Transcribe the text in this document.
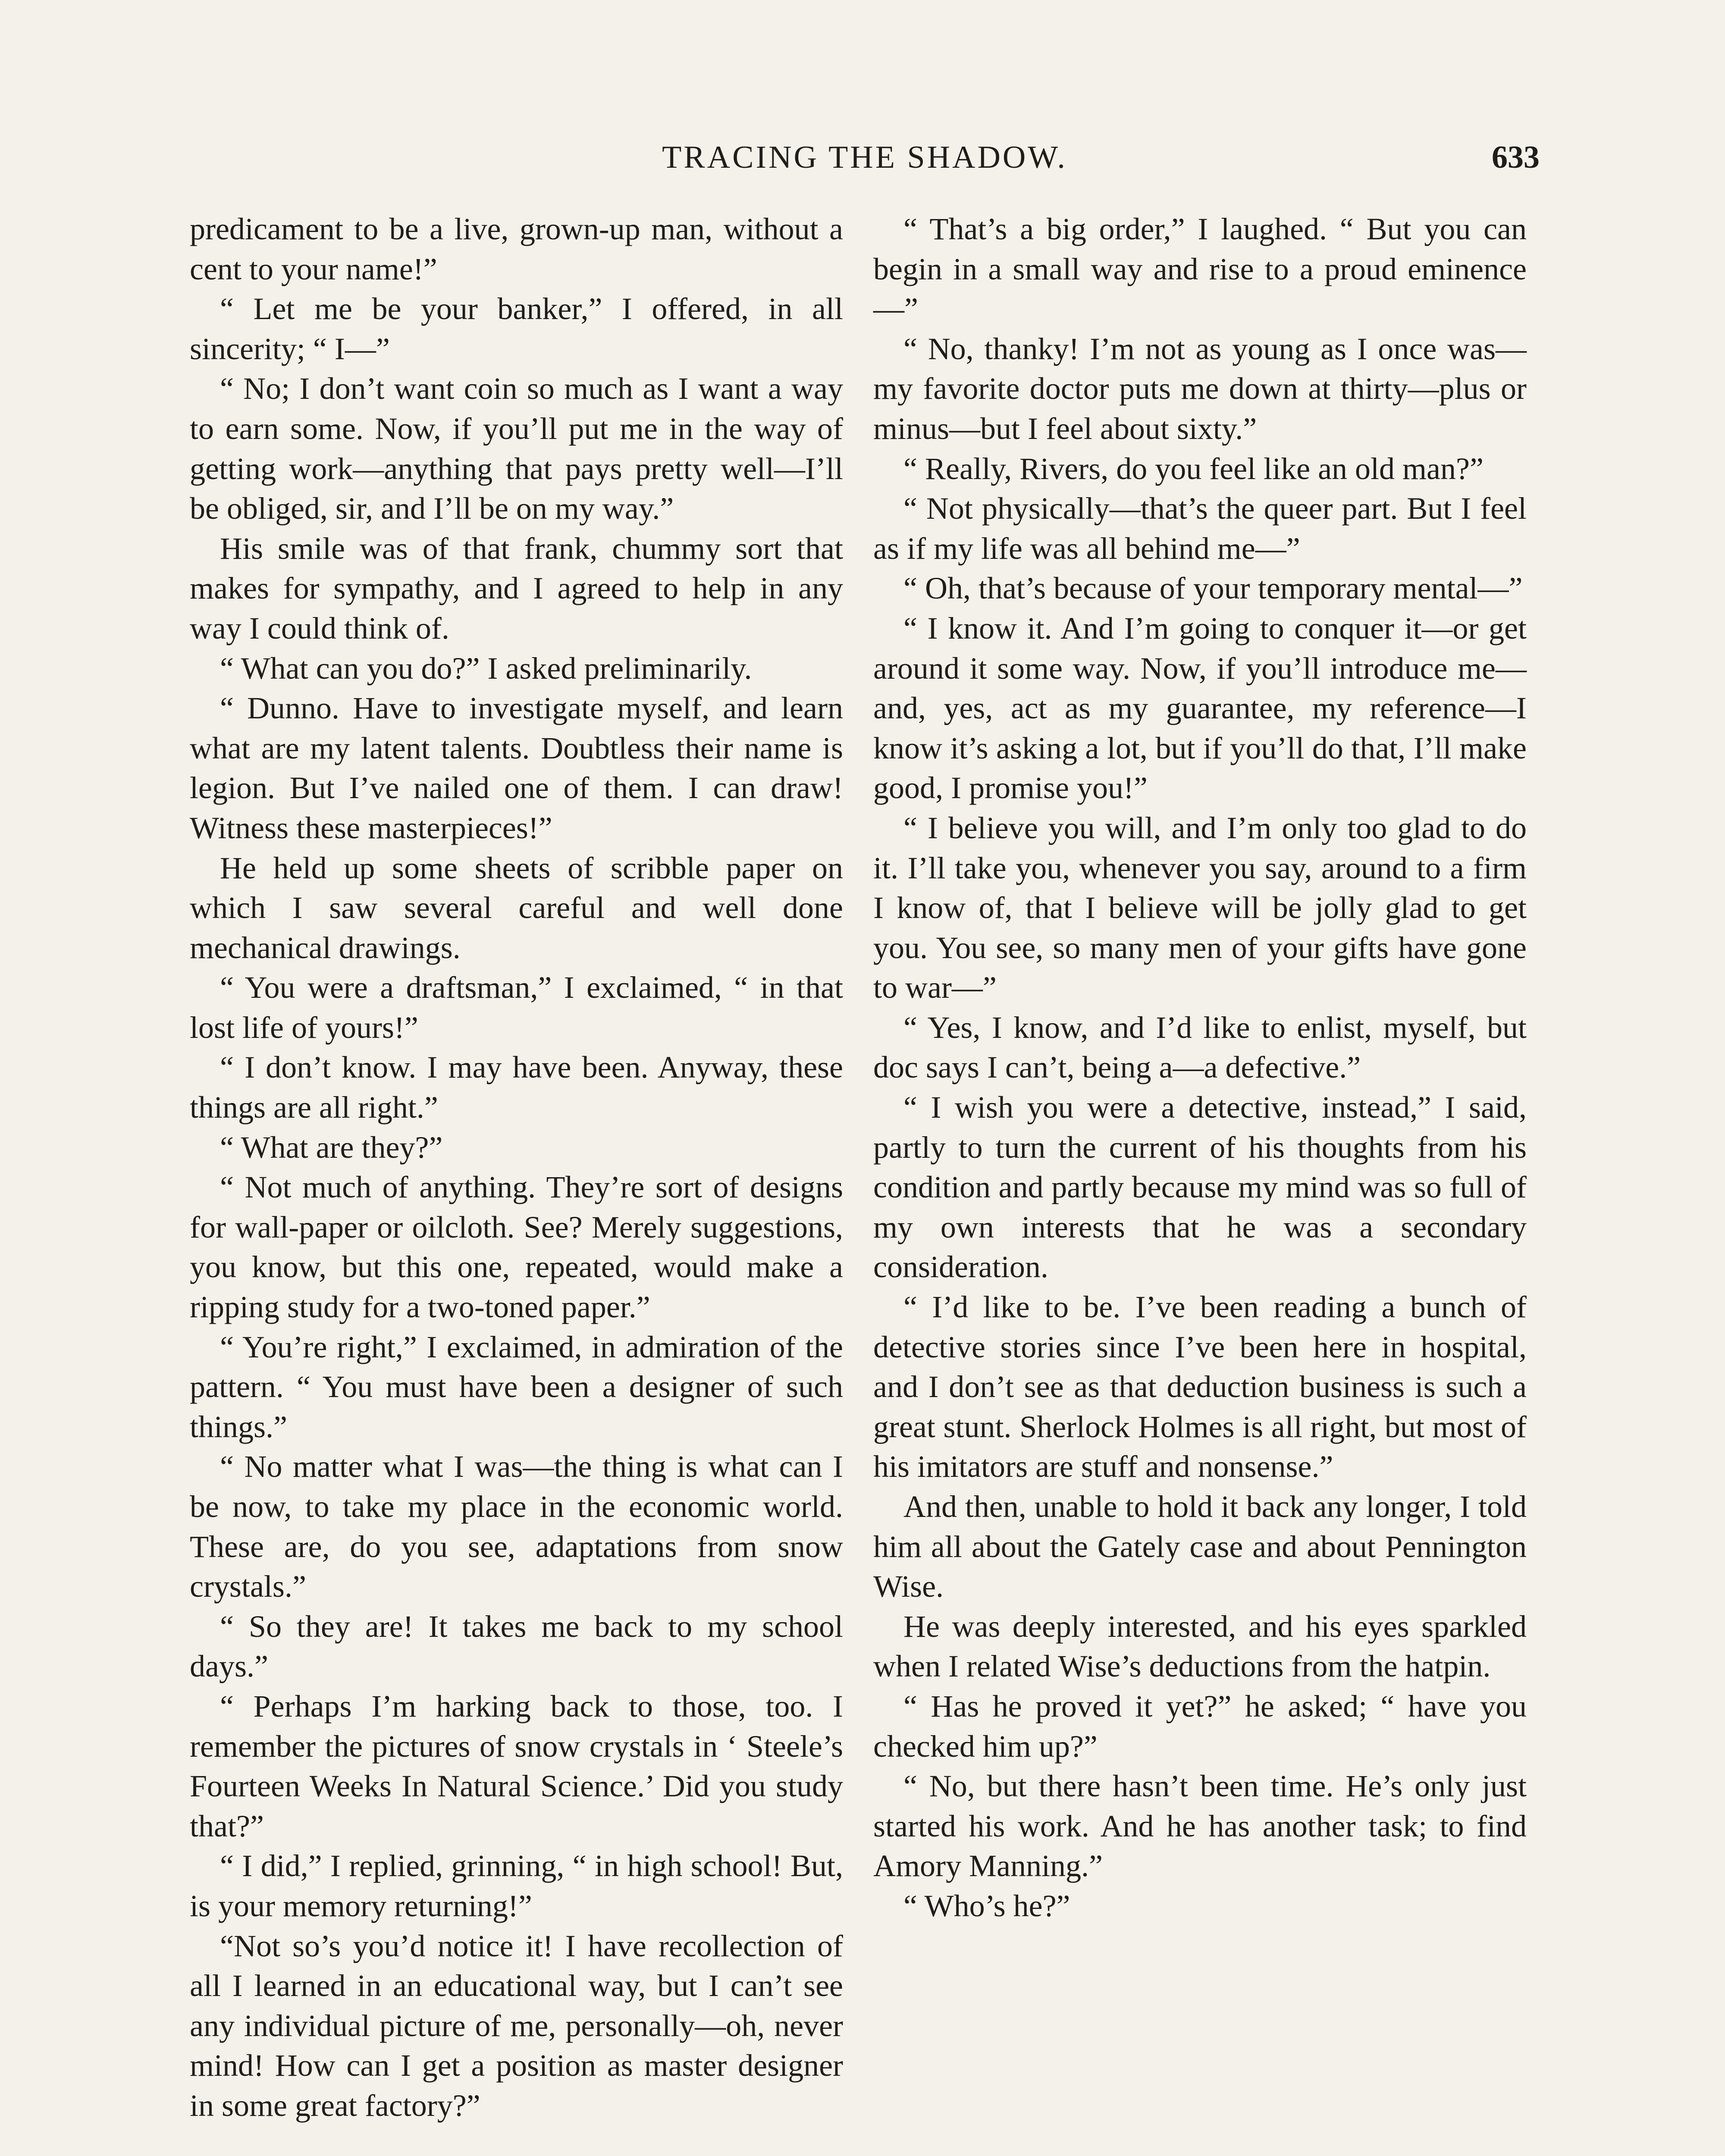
TRACING THE SHADOW.	633

predicament to be a live, grown-up man, without a cent to your name!”

“ Let me be your banker,” I offered, in all sincerity; “ I—”

“ No; I don’t want coin so much as I want a way to earn some. Now, if you’ll put me in the way of getting work—anything that pays pretty well—I’ll be obliged, sir, and I’ll be on my way.”

His smile was of that frank, chummy sort that makes for sympathy, and I agreed to help in any way I could think of.

“ What can you do?” I asked preliminarily.

“ Dunno. Have to investigate myself, and learn what are my latent talents. Doubtless their name is legion. But I’ve nailed one of them. I can draw! Witness these masterpieces!”

He held up some sheets of scribble paper on which I saw several careful and well done mechanical drawings.

“ You were a draftsman,” I exclaimed, “ in that lost life of yours!”

“ I don’t know. I may have been. Anyway, these things are all right.”

“ What are they?”

“ Not much of anything. They’re sort of designs for wall-paper or oilcloth. See? Merely suggestions, you know, but this one, repeated, would make a ripping study for a two-toned paper.”

“ You’re right,” I exclaimed, in admiration of the pattern. “ You must have been a designer of such things.”

“ No matter what I was—the thing is what can I be now, to take my place in the economic world. These are, do you see, adaptations from snow crystals.”

“ So they are! It takes me back to my school days.”

“ Perhaps I’m harking back to those, too. I remember the pictures of snow crystals in ‘ Steele’s Fourteen Weeks In Natural Science.’ Did you study that?”

“ I did,” I replied, grinning, “ in high school! But, is your memory returning!”

“Not so’s you’d notice it! I have recollection of all I learned in an educational way, but I can’t see any individual picture of me, personally—oh, never mind! How can I get a position as master designer in some great factory?”

“ That’s a big order,” I laughed. “ But you can begin in a small way and rise to a proud eminence—”

“ No, thanky! I’m not as young as I once was—my favorite doctor puts me down at thirty—plus or minus—but I feel about sixty.”

“ Really, Rivers, do you feel like an old man?”

“ Not physically—that’s the queer part. But I feel as if my life was all behind me—”

“ Oh, that’s because of your temporary mental—”

“ I know it. And I’m going to conquer it—or get around it some way. Now, if you’ll introduce me—and, yes, act as my guarantee, my reference—I know it’s asking a lot, but if you’ll do that, I’ll make good, I promise you!”

“ I believe you will, and I’m only too glad to do it. I’ll take you, whenever you say, around to a firm I know of, that I believe will be jolly glad to get you. You see, so many men of your gifts have gone to war—”

“ Yes, I know, and I’d like to enlist, myself, but doc says I can’t, being a—a defective.”

“ I wish you were a detective, instead,” I said, partly to turn the current of his thoughts from his condition and partly because my mind was so full of my own interests that he was a secondary consideration.

“ I’d like to be. I’ve been reading a bunch of detective stories since I’ve been here in hospital, and I don’t see as that deduction business is such a great stunt. Sherlock Holmes is all right, but most of his imitators are stuff and nonsense.”

And then, unable to hold it back any longer, I told him all about the Gately case and about Pennington Wise.

He was deeply interested, and his eyes sparkled when I related Wise’s deductions from the hatpin.

“ Has he proved it yet?” he asked; “ have you checked him up?”

“ No, but there hasn’t been time. He’s only just started his work. And he has another task; to find Amory Manning.”

“ Who’s he?”
